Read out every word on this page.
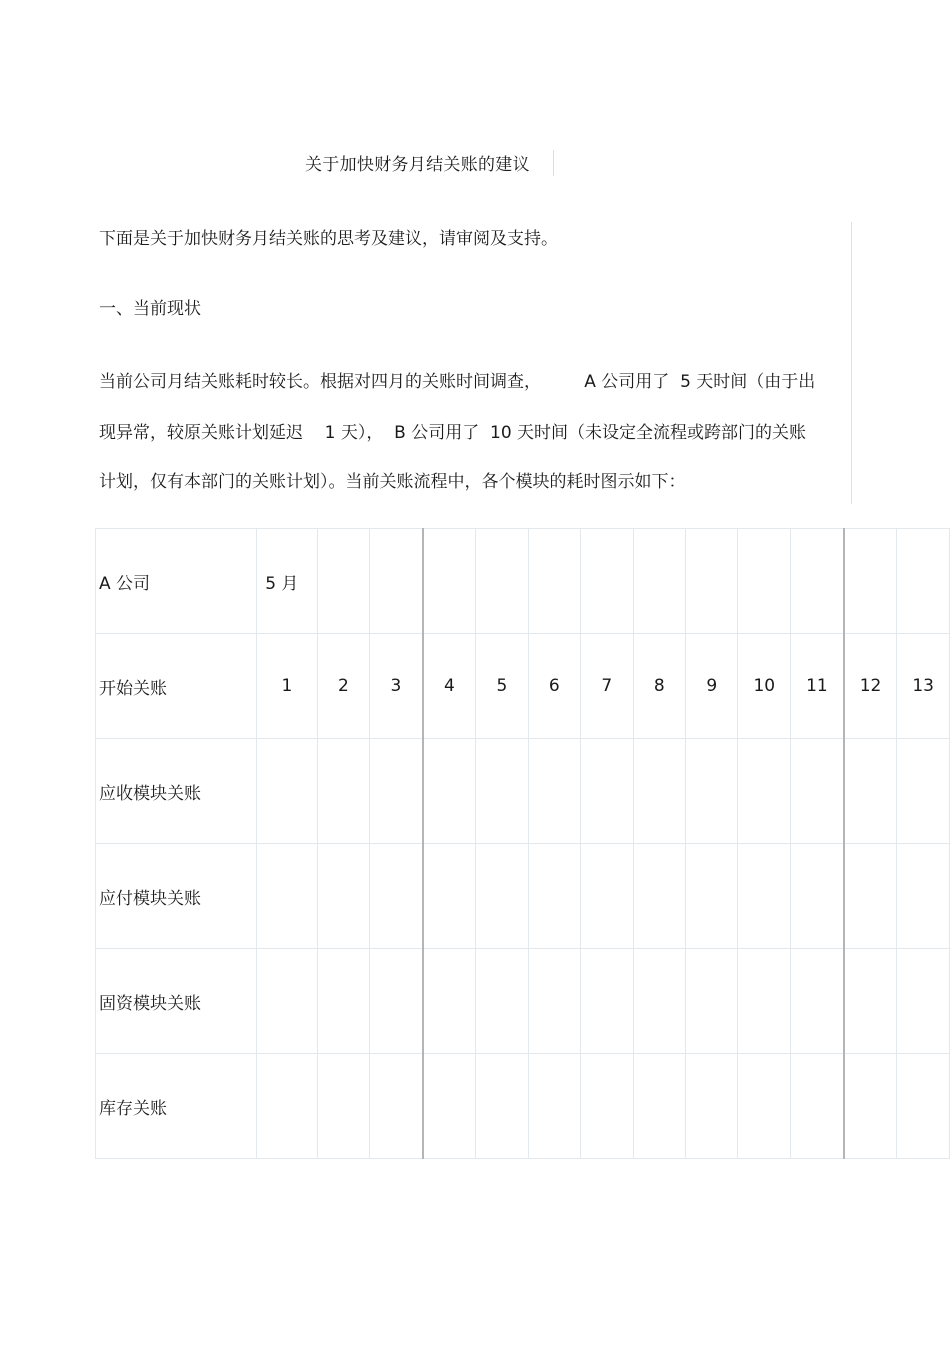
关于加快财务月结关账的建议
下面是关于加快财务月结关账的思考及建议，请审阅及支持。
一、当前现状
当前公司月结关账耗时较长。根据对四月的关账时间调查，        A 公司用了  5 天时间（由于出
现异常，较原关账计划延迟    1 天），  B 公司用了  10 天时间（未设定全流程或跨部门的关账
计划，仅有本部门的关账计划）。当前关账流程中，各个模块的耗时图示如下：
A 公司	5 月												
开始关账	1	2	3	4	5	6	7	8	9	10	11	12	13
应收模块关账													
应付模块关账													
固资模块关账													
库存关账													
